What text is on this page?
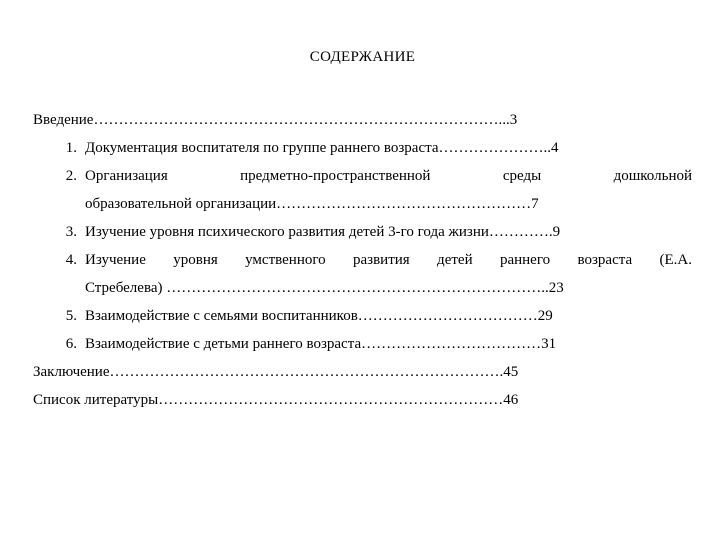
СОДЕРЖАНИЕ
Введение………………………………………………………………………...3
1. Документация воспитателя по группе раннего возраста…………………..4
2. Организация предметно-пространственной среды дошкольной
образовательной организации……………………………………………7
3. Изучение уровня психического развития детей 3-го года жизни………….9
4. Изучение уровня умственного развития детей раннего возраста (Е.А.
Стребелева) …………………………………………………………………..23
5. Взаимодействие с семьями воспитанников………………………………29
6. Взаимодействие с детьми раннего возраста………………………………31
Заключение…………………………………………………………………….45
Список литературы……………………………………………………………46
